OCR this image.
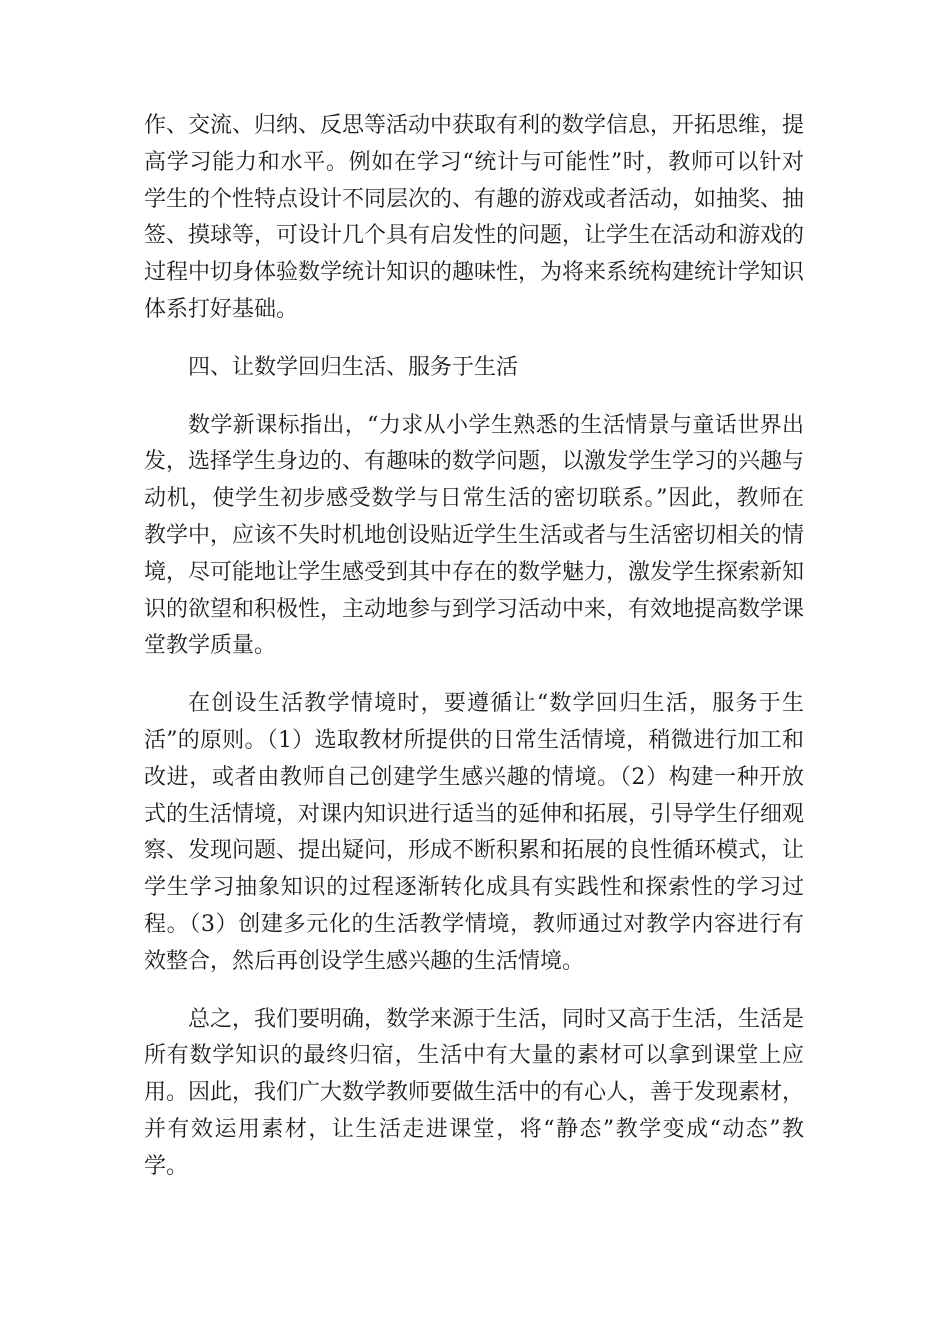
作、交流、归纳、反思等活动中获取有利的数学信息，开拓思维，提高学习能力和水平。例如在学习“统计与可能性”时，教师可以针对学生的个性特点设计不同层次的、有趣的游戏或者活动，如抽奖、抽签、摸球等，可设计几个具有启发性的问题，让学生在活动和游戏的过程中切身体验数学统计知识的趣味性，为将来系统构建统计学知识体系打好基础。

四、让数学回归生活、服务于生活

数学新课标指出，“力求从小学生熟悉的生活情景与童话世界出发，选择学生身边的、有趣味的数学问题，以激发学生学习的兴趣与动机，使学生初步感受数学与日常生活的密切联系。”因此，教师在教学中，应该不失时机地创设贴近学生生活或者与生活密切相关的情境，尽可能地让学生感受到其中存在的数学魅力，激发学生探索新知识的欲望和积极性，主动地参与到学习活动中来，有效地提高数学课堂教学质量。

在创设生活教学情境时，要遵循让“数学回归生活，服务于生活”的原则。（1）选取教材所提供的日常生活情境，稍微进行加工和改进，或者由教师自己创建学生感兴趣的情境。（2）构建一种开放式的生活情境，对课内知识进行适当的延伸和拓展，引导学生仔细观察、发现问题、提出疑问，形成不断积累和拓展的良性循环模式，让学生学习抽象知识的过程逐渐转化成具有实践性和探索性的学习过程。（3）创建多元化的生活教学情境，教师通过对教学内容进行有效整合，然后再创设学生感兴趣的生活情境。

总之，我们要明确，数学来源于生活，同时又高于生活，生活是所有数学知识的最终归宿，生活中有大量的素材可以拿到课堂上应用。因此，我们广大数学教师要做生活中的有心人，善于发现素材，并有效运用素材，让生活走进课堂，将“静态”教学变成“动态”教学。
